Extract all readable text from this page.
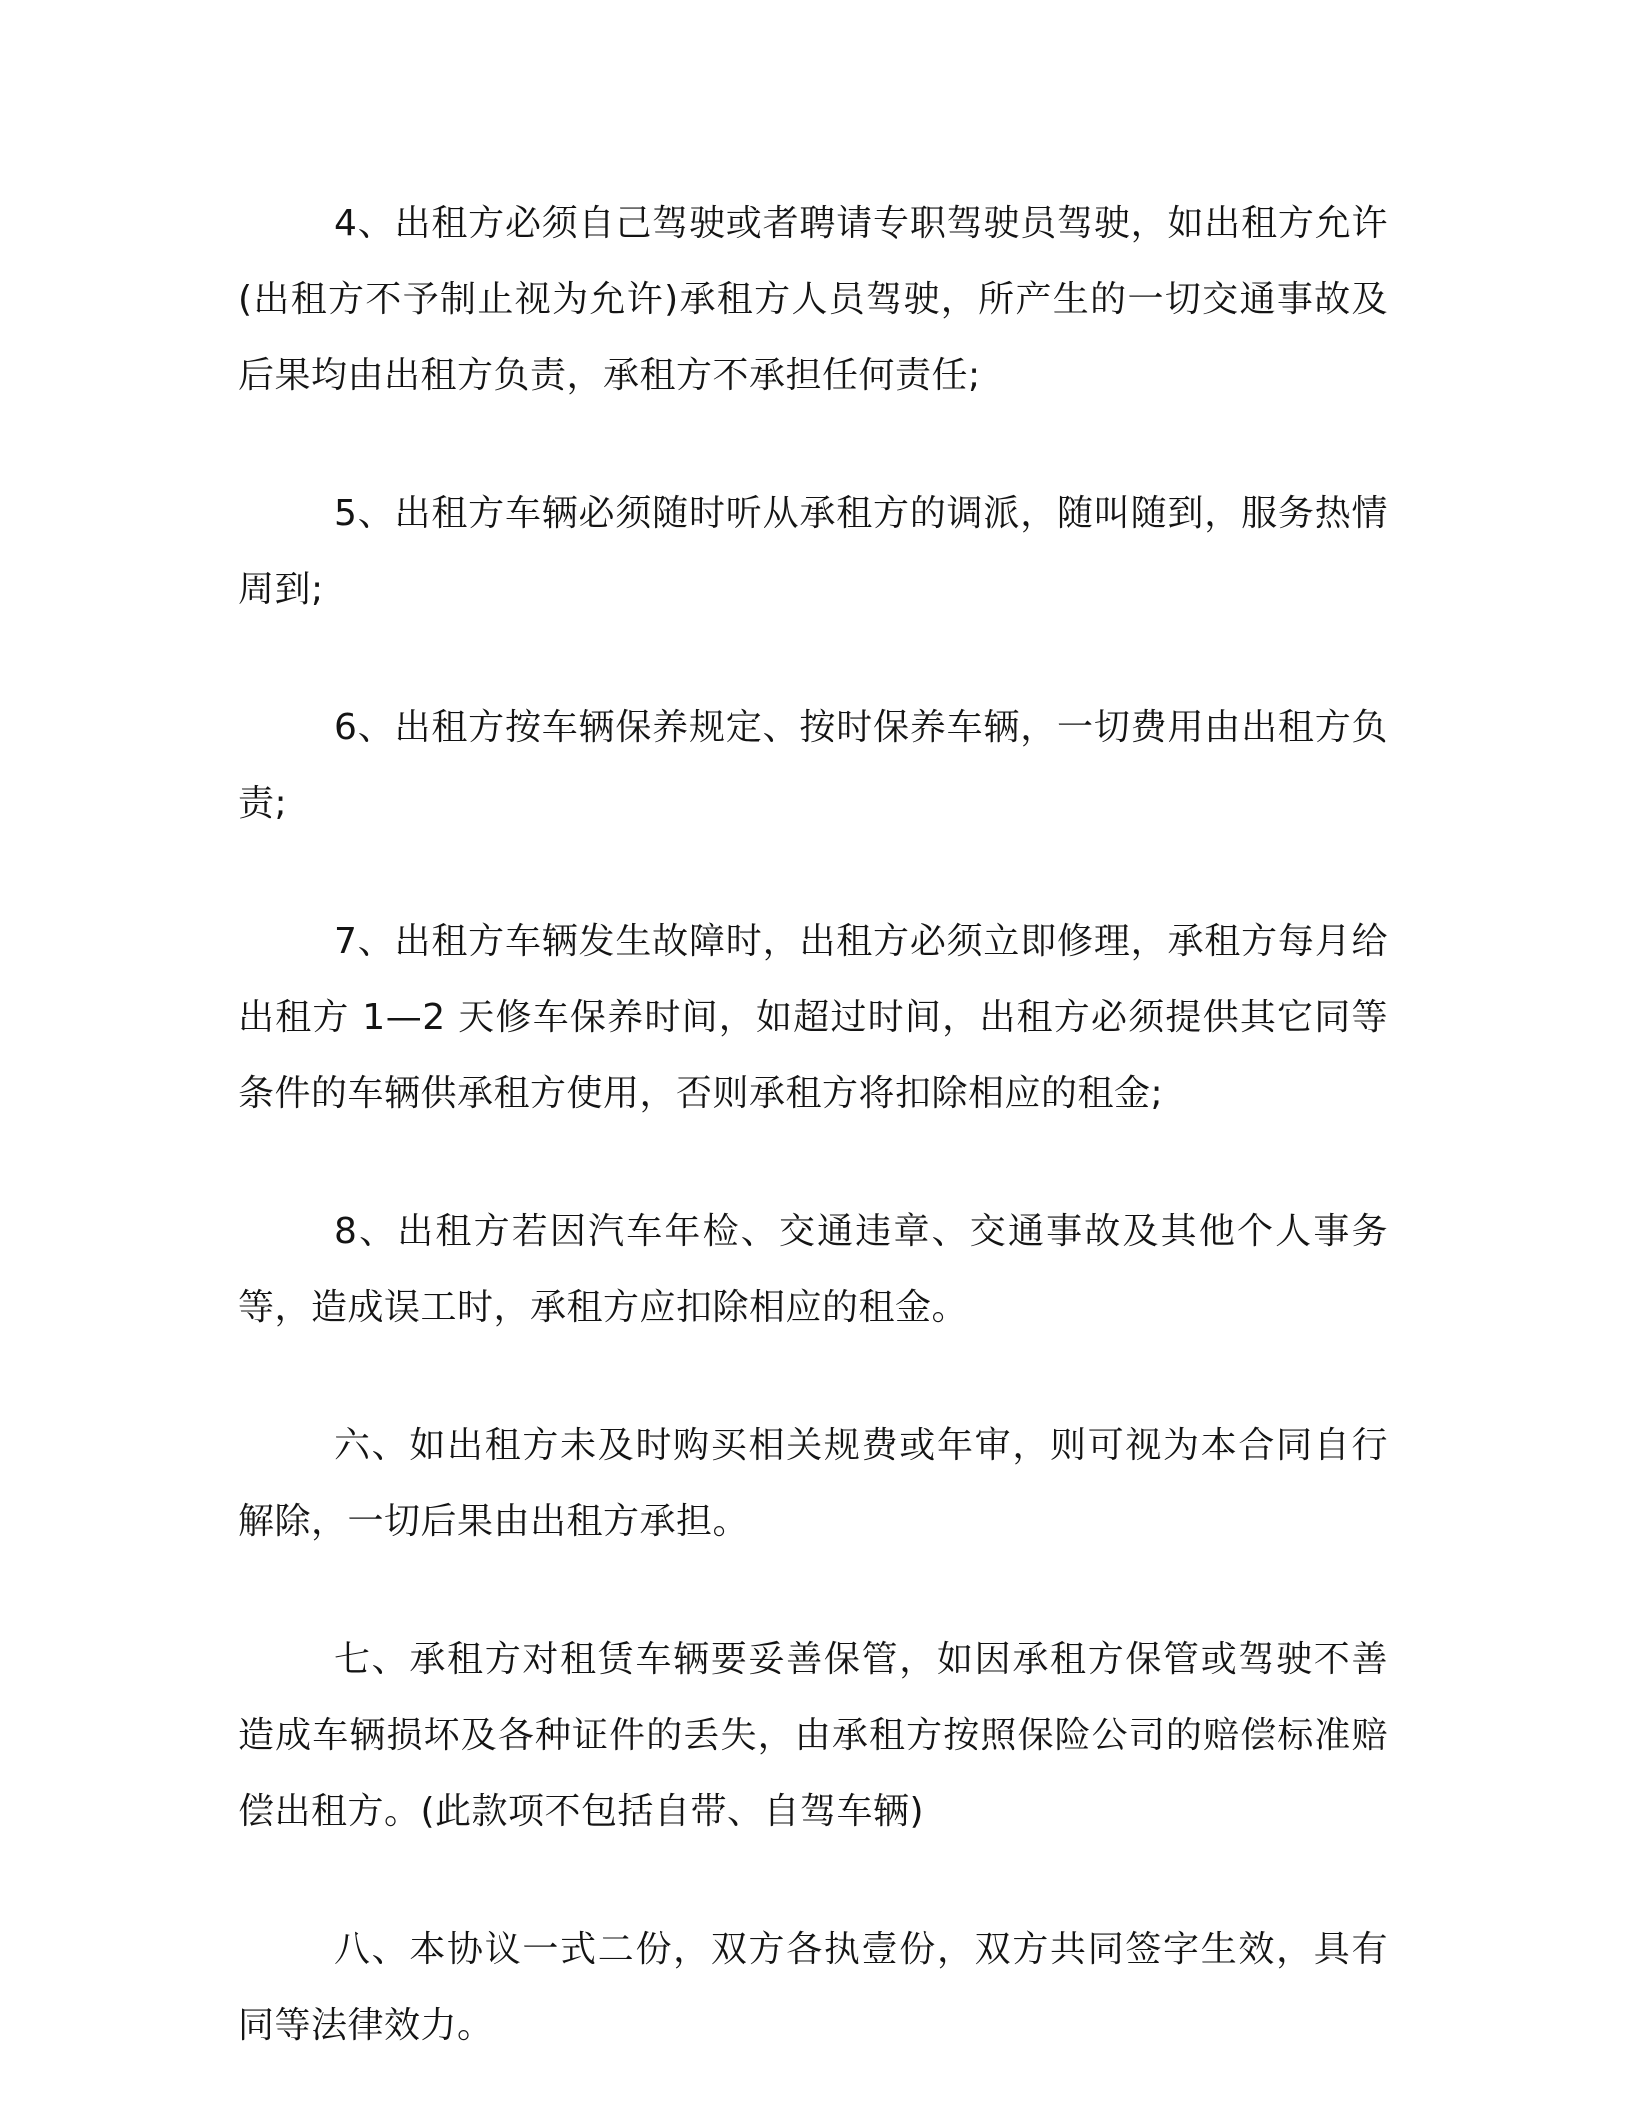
4、出租方必须自己驾驶或者聘请专职驾驶员驾驶，如出租方允许(出租方不予制止视为允许)承租方人员驾驶，所产生的一切交通事故及后果均由出租方负责，承租方不承担任何责任;

5、出租方车辆必须随时听从承租方的调派，随叫随到，服务热情周到;

6、出租方按车辆保养规定、按时保养车辆，一切费用由出租方负责;

7、出租方车辆发生故障时，出租方必须立即修理，承租方每月给出租方 1—2 天修车保养时间，如超过时间，出租方必须提供其它同等条件的车辆供承租方使用，否则承租方将扣除相应的租金;

8、出租方若因汽车年检、交通违章、交通事故及其他个人事务等，造成误工时，承租方应扣除相应的租金。

六、如出租方未及时购买相关规费或年审，则可视为本合同自行解除，一切后果由出租方承担。

七、承租方对租赁车辆要妥善保管，如因承租方保管或驾驶不善造成车辆损坏及各种证件的丢失，由承租方按照保险公司的赔偿标准赔偿出租方。(此款项不包括自带、自驾车辆)

八、本协议一式二份，双方各执壹份，双方共同签字生效，具有同等法律效力。
